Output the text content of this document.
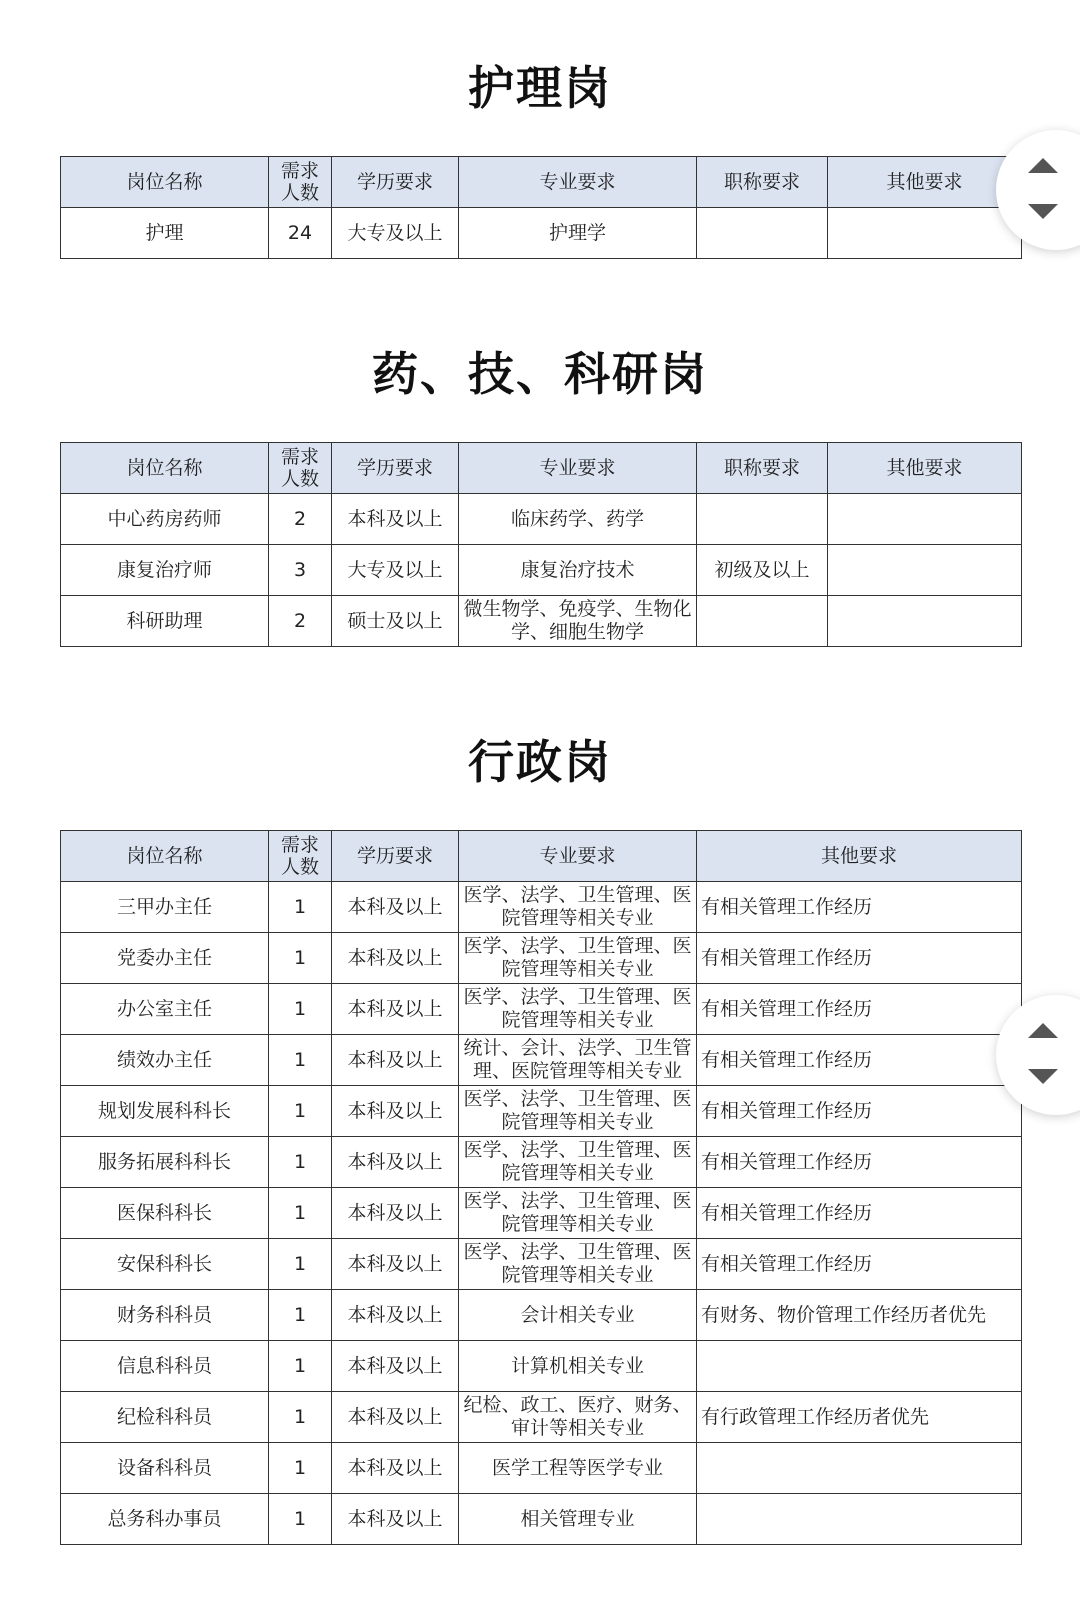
护理岗
岗位名称	需求人数	学历要求	专业要求	职称要求	其他要求
护理	24	大专及以上	护理学		
药、技、科研岗
岗位名称	需求人数	学历要求	专业要求	职称要求	其他要求
中心药房药师	2	本科及以上	临床药学、药学		
康复治疗师	3	大专及以上	康复治疗技术	初级及以上	
科研助理	2	硕士及以上	微生物学、免疫学、生物化学、细胞生物学		
行政岗
岗位名称	需求人数	学历要求	专业要求	其他要求
三甲办主任	1	本科及以上	医学、法学、卫生管理、医院管理等相关专业	有相关管理工作经历
党委办主任	1	本科及以上	医学、法学、卫生管理、医院管理等相关专业	有相关管理工作经历
办公室主任	1	本科及以上	医学、法学、卫生管理、医院管理等相关专业	有相关管理工作经历
绩效办主任	1	本科及以上	统计、会计、法学、卫生管理、医院管理等相关专业	有相关管理工作经历
规划发展科科长	1	本科及以上	医学、法学、卫生管理、医院管理等相关专业	有相关管理工作经历
服务拓展科科长	1	本科及以上	医学、法学、卫生管理、医院管理等相关专业	有相关管理工作经历
医保科科长	1	本科及以上	医学、法学、卫生管理、医院管理等相关专业	有相关管理工作经历
安保科科长	1	本科及以上	医学、法学、卫生管理、医院管理等相关专业	有相关管理工作经历
财务科科员	1	本科及以上	会计相关专业	有财务、物价管理工作经历者优先
信息科科员	1	本科及以上	计算机相关专业	
纪检科科员	1	本科及以上	纪检、政工、医疗、财务、审计等相关专业	有行政管理工作经历者优先
设备科科员	1	本科及以上	医学工程等医学专业	
总务科办事员	1	本科及以上	相关管理专业	
